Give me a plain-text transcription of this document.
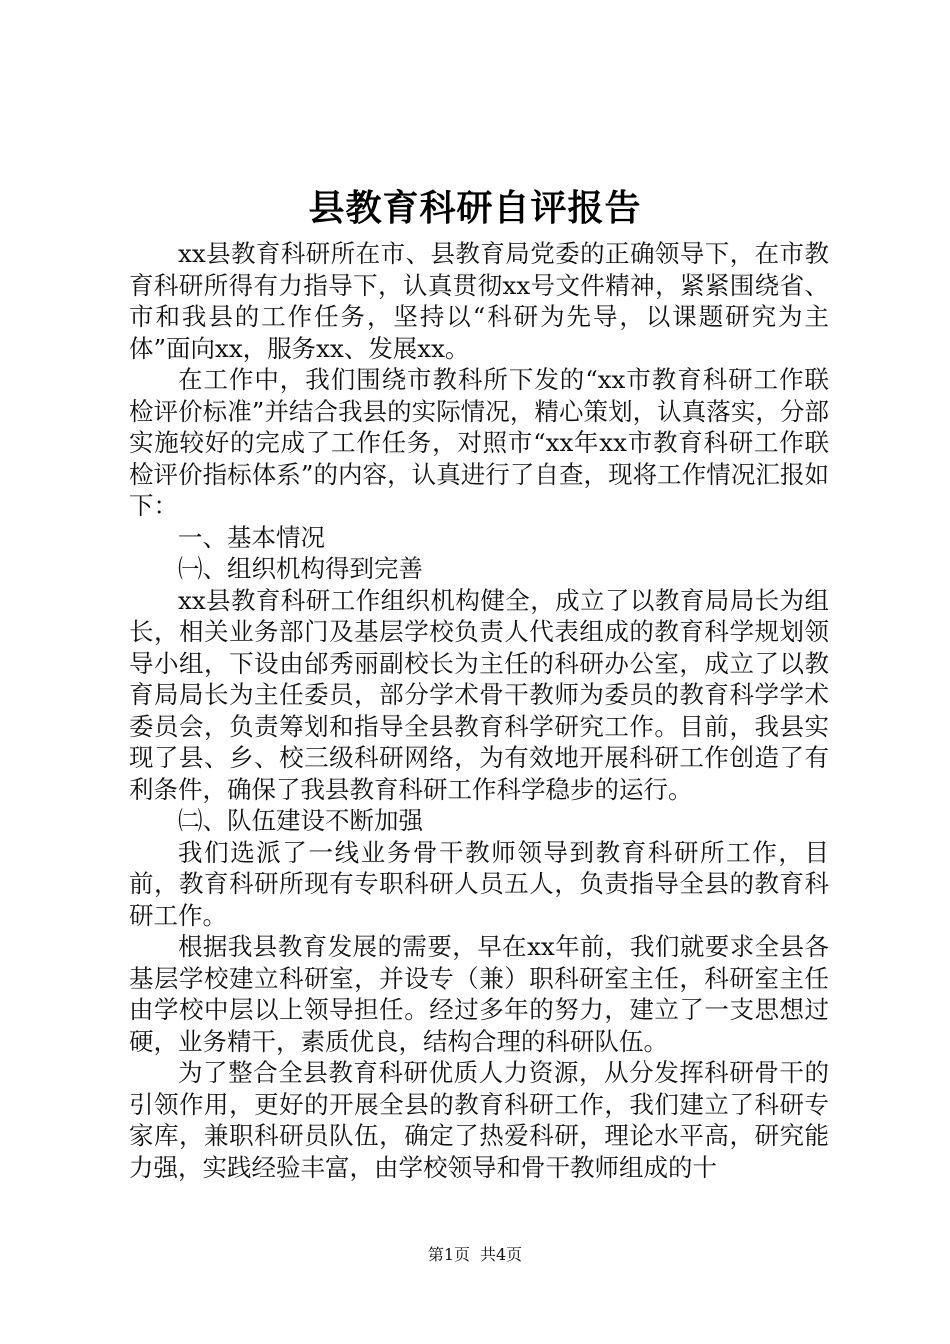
县教育科研自评报告

xx县教育科研所在市、县教育局党委的正确领导下，在市教育科研所得有力指导下，认真贯彻xx号文件精神，紧紧围绕省、市和我县的工作任务，坚持以“科研为先导，以课题研究为主体”面向xx，服务xx、发展xx。

在工作中，我们围绕市教科所下发的“xx市教育科研工作联检评价标准”并结合我县的实际情况，精心策划，认真落实，分部实施较好的完成了工作任务，对照市“xx年xx市教育科研工作联检评价指标体系”的内容，认真进行了自查，现将工作情况汇报如下：

一、基本情况

㈠、组织机构得到完善

xx县教育科研工作组织机构健全，成立了以教育局局长为组长，相关业务部门及基层学校负责人代表组成的教育科学规划领导小组，下设由邰秀丽副校长为主任的科研办公室，成立了以教育局局长为主任委员，部分学术骨干教师为委员的教育科学学术委员会，负责筹划和指导全县教育科学研究工作。目前，我县实现了县、乡、校三级科研网络，为有效地开展科研工作创造了有利条件，确保了我县教育科研工作科学稳步的运行。

㈡、队伍建设不断加强

我们选派了一线业务骨干教师领导到教育科研所工作，目前，教育科研所现有专职科研人员五人，负责指导全县的教育科研工作。

根据我县教育发展的需要，早在xx年前，我们就要求全县各基层学校建立科研室，并设专（兼）职科研室主任，科研室主任由学校中层以上领导担任。经过多年的努力，建立了一支思想过硬，业务精干，素质优良，结构合理的科研队伍。

为了整合全县教育科研优质人力资源，从分发挥科研骨干的引领作用，更好的开展全县的教育科研工作，我们建立了科研专家库，兼职科研员队伍，确定了热爱科研，理论水平高，研究能力强，实践经验丰富，由学校领导和骨干教师组成的十

第1页 共4页
